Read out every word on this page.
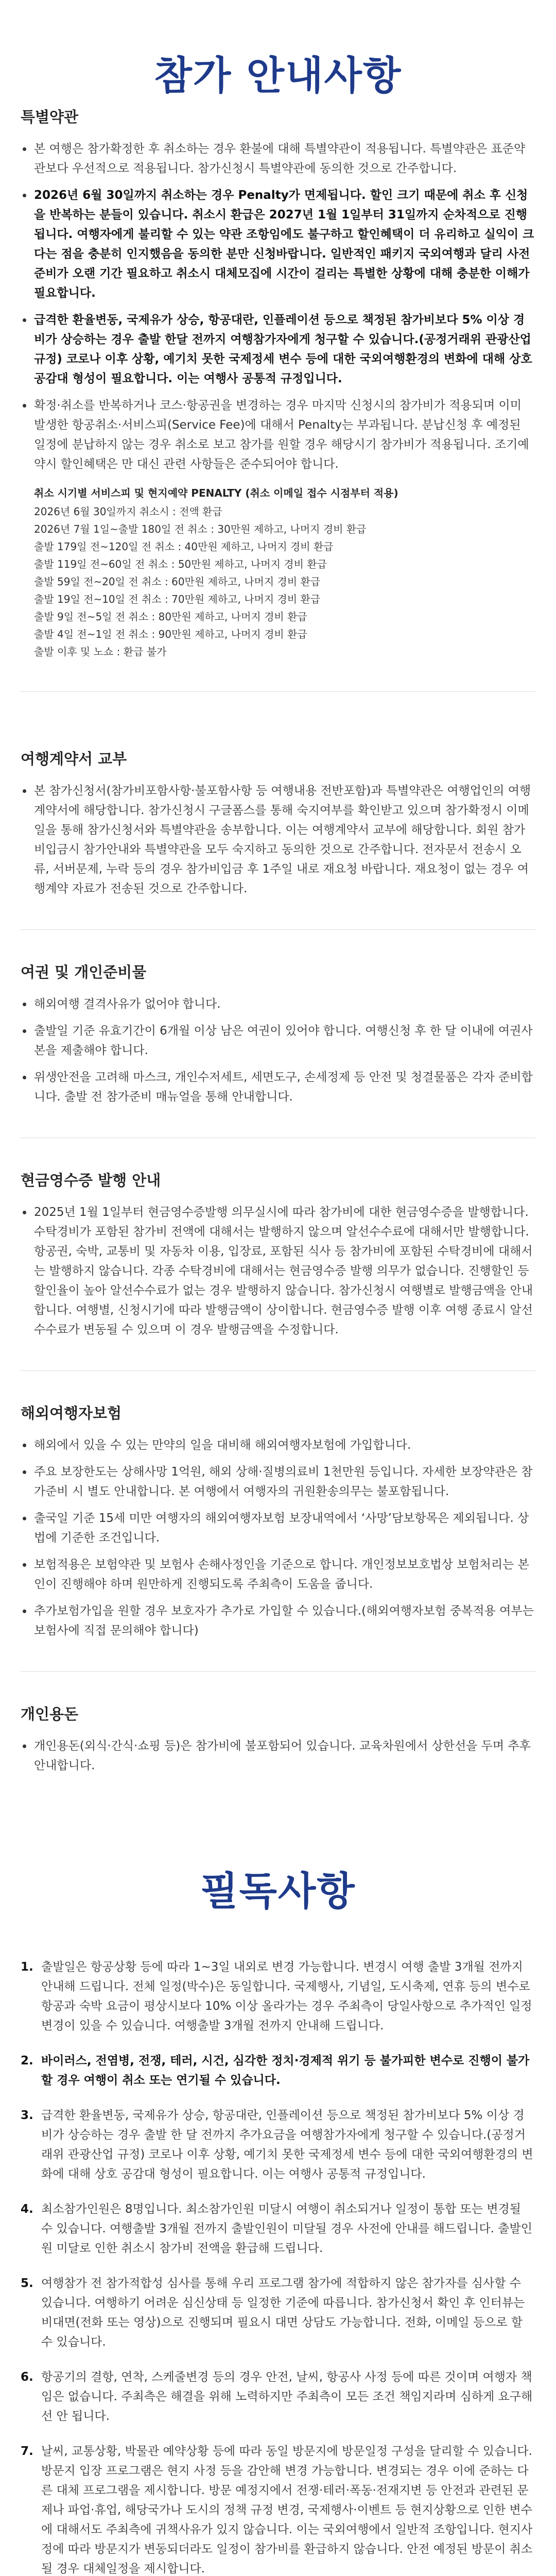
참가 안내사항
특별약관
본 여행은 참가확정한 후 취소하는 경우 환불에 대해 특별약관이 적용됩니다. 특별약관은 표준약관보다 우선적으로 적용됩니다. 참가신청시 특별약관에 동의한 것으로 간주합니다.
2026년 6월 30일까지 취소하는 경우 Penalty가 면제됩니다. 할인 크기 때문에 취소 후 신청을 반복하는 분들이 있습니다. 취소시 환급은 2027년 1월 1일부터 31일까지 순차적으로 진행됩니다. 여행자에게 불리할 수 있는 약관 조항임에도 불구하고 할인혜택이 더 유리하고 실익이 크다는 점을 충분히 인지했음을 동의한 분만 신청바랍니다. 일반적인 패키지 국외여행과 달리 사전 준비가 오랜 기간 필요하고 취소시 대체모집에 시간이 걸리는 특별한 상황에 대해 충분한 이해가 필요합니다.
급격한 환율변동, 국제유가 상승, 항공대란, 인플레이션 등으로 책정된 참가비보다 5% 이상 경비가 상승하는 경우 출발 한달 전까지 여행참가자에게 청구할 수 있습니다.(공정거래위 관광산업 규정) 코로나 이후 상황, 예기치 못한 국제정세 변수 등에 대한 국외여행환경의 변화에 대해 상호 공감대 형성이 필요합니다. 이는 여행사 공통적 규정입니다.
확정·취소를 반복하거나 코스·항공권을 변경하는 경우 마지막 신청시의 참가비가 적용되며 이미 발생한 항공취소·서비스피(Service Fee)에 대해서 Penalty는 부과됩니다. 분납신청 후 예정된 일정에 분납하지 않는 경우 취소로 보고 참가를 원할 경우 해당시기 참가비가 적용됩니다. 조기예약시 할인혜택은 만 대신 관련 사항들은 준수되어야 합니다.
취소 시기별 서비스피 및 현지예약 PENALTY (취소 이메일 접수 시점부터 적용)
2026년 6월 30일까지 취소시 : 전액 환급
2026년 7월 1일~출발 180일 전 취소 : 30만원 제하고, 나머지 경비 환급
출발 179일 전~120일 전 취소 : 40만원 제하고, 나머지 경비 환급
출발 119일 전~60일 전 취소 : 50만원 제하고, 나머지 경비 환급
출발 59일 전~20일 전 취소 : 60만원 제하고, 나머지 경비 환급
출발 19일 전~10일 전 취소 : 70만원 제하고, 나머지 경비 환급
출발 9일 전~5일 전 취소 : 80만원 제하고, 나머지 경비 환급
출발 4일 전~1일 전 취소 : 90만원 제하고, 나머지 경비 환급
출발 이후 및 노쇼 : 환급 불가
여행계약서 교부
본 참가신청서(참가비포함사항·불포함사항 등 여행내용 전반포함)과 특별약관은 여행업인의 여행계약서에 해당합니다. 참가신청시 구글폼스를 통해 숙지여부를 확인받고 있으며 참가확정시 이메일을 통해 참가신청서와 특별약관을 송부합니다. 이는 여행계약서 교부에 해당합니다. 회원 참가비입금시 참가안내와 특별약관을 모두 숙지하고 동의한 것으로 간주합니다. 전자문서 전송시 오류, 서버문제, 누락 등의 경우 참가비입금 후 1주일 내로 재요청 바랍니다. 재요청이 없는 경우 여행계약 자료가 전송된 것으로 간주합니다.
여권 및 개인준비물
해외여행 결격사유가 없어야 합니다.
출발일 기준 유효기간이 6개월 이상 남은 여권이 있어야 합니다. 여행신청 후 한 달 이내에 여권사본을 제출해야 합니다.
위생안전을 고려해 마스크, 개인수저세트, 세면도구, 손세정제 등 안전 및 청결물품은 각자 준비합니다. 출발 전 참가준비 매뉴얼을 통해 안내합니다.
현금영수증 발행 안내
2025년 1월 1일부터 현금영수증발행 의무실시에 따라 참가비에 대한 현금영수증을 발행합니다. 수탁경비가 포함된 참가비 전액에 대해서는 발행하지 않으며 알선수수료에 대해서만 발행합니다. 항공권, 숙박, 교통비 및 자동차 이용, 입장료, 포함된 식사 등 참가비에 포함된 수탁경비에 대해서는 발행하지 않습니다. 각종 수탁경비에 대해서는 현금영수증 발행 의무가 없습니다. 진행할인 등 할인율이 높아 알선수수료가 없는 경우 발행하지 않습니다. 참가신청시 여행별로 발행금액을 안내합니다. 여행별, 신청시기에 따라 발행금액이 상이합니다. 현금영수증 발행 이후 여행 종료시 알선수수료가 변동될 수 있으며 이 경우 발행금액을 수정합니다.
해외여행자보험
해외에서 있을 수 있는 만약의 일을 대비해 해외여행자보험에 가입합니다.
주요 보장한도는 상해사망 1억원, 해외 상해·질병의료비 1천만원 등입니다. 자세한 보장약관은 참가준비 시 별도 안내합니다. 본 여행에서 여행자의 귀원환송의무는 불포함됩니다.
출국일 기준 15세 미만 여행자의 해외여행자보험 보장내역에서 ‘사망’담보항목은 제외됩니다. 상법에 기준한 조건입니다.
보험적용은 보험약관 및 보험사 손해사정인을 기준으로 합니다. 개인정보보호법상 보험처리는 본인이 진행해야 하며 원만하게 진행되도록 주최측이 도움을 줍니다.
추가보험가입을 원할 경우 보호자가 추가로 가입할 수 있습니다.(해외여행자보험 중복적용 여부는 보험사에 직접 문의해야 합니다)
개인용돈
개인용돈(외식·간식·쇼핑 등)은 참가비에 불포함되어 있습니다. 교육차원에서 상한선을 두며 추후 안내합니다.
필독사항
1. 출발일은 항공상황 등에 따라 1~3일 내외로 변경 가능합니다. 변경시 여행 출발 3개월 전까지 안내해 드립니다. 전체 일정(박수)은 동일합니다. 국제행사, 기념일, 도시축제, 연휴 등의 변수로 항공과 숙박 요금이 평상시보다 10% 이상 올라가는 경우 주최측이 당일사항으로 추가적인 일정변경이 있을 수 있습니다. 여행출발 3개월 전까지 안내해 드립니다.
2. 바이러스, 전염병, 전쟁, 테러, 시건, 심각한 정치·경제적 위기 등 불가피한 변수로 진행이 불가할 경우 여행이 취소 또는 연기될 수 있습니다.
3. 급격한 환율변동, 국제유가 상승, 항공대란, 인플레이션 등으로 책정된 참가비보다 5% 이상 경비가 상승하는 경우 출발 한 달 전까지 추가요금을 여행참가자에게 청구할 수 있습니다.(공정거래위 관광산업 규정) 코로나 이후 상황, 예기치 못한 국제정세 변수 등에 대한 국외여행환경의 변화에 대해 상호 공감대 형성이 필요합니다. 이는 여행사 공통적 규정입니다.
4. 최소참가인원은 8명입니다. 최소참가인원 미달시 여행이 취소되거나 일정이 통합 또는 변경될 수 있습니다. 여행출발 3개월 전까지 출발인원이 미달될 경우 사전에 안내를 해드립니다. 출발인원 미달로 인한 취소시 참가비 전액을 환급해 드립니다.
5. 여행참가 전 참가적합성 심사를 통해 우리 프로그램 참가에 적합하지 않은 참가자를 심사할 수 있습니다. 여행하기 어려운 심신상태 등 일정한 기준에 따릅니다. 참가신청서 확인 후 인터뷰는 비대면(전화 또는 영상)으로 진행되며 필요시 대면 상담도 가능합니다. 전화, 이메일 등으로 할 수 있습니다.
6. 항공기의 결항, 연착, 스케줄변경 등의 경우 안전, 날씨, 항공사 사정 등에 따른 것이며 여행자 책임은 없습니다. 주최측은 해결을 위해 노력하지만 주최측이 모든 조건 책임지라며 심하게 요구해선 안 됩니다.
7. 날씨, 교통상황, 박물관 예약상황 등에 따라 동일 방문지에 방문일정 구성을 달리할 수 있습니다. 방문지 입장 프로그램은 현지 사정 등을 감안해 변경 가능합니다. 변경되는 경우 이에 준하는 다른 대체 프로그램을 제시합니다. 방문 예정지에서 전쟁·테러·폭동·전재지변 등 안전과 관련된 문제나 파업·휴업, 해당국가나 도시의 정책 규정 변경, 국제행사·이벤트 등 현지상황으로 인한 변수에 대해서도 주최측에 귀책사유가 있지 않습니다. 이는 국외여행에서 일반적 조항입니다. 현지사정에 따라 방문지가 변동되더라도 일정이 참가비를 환급하지 않습니다. 안전 예정된 방문이 취소될 경우 대체일정을 제시합니다.
